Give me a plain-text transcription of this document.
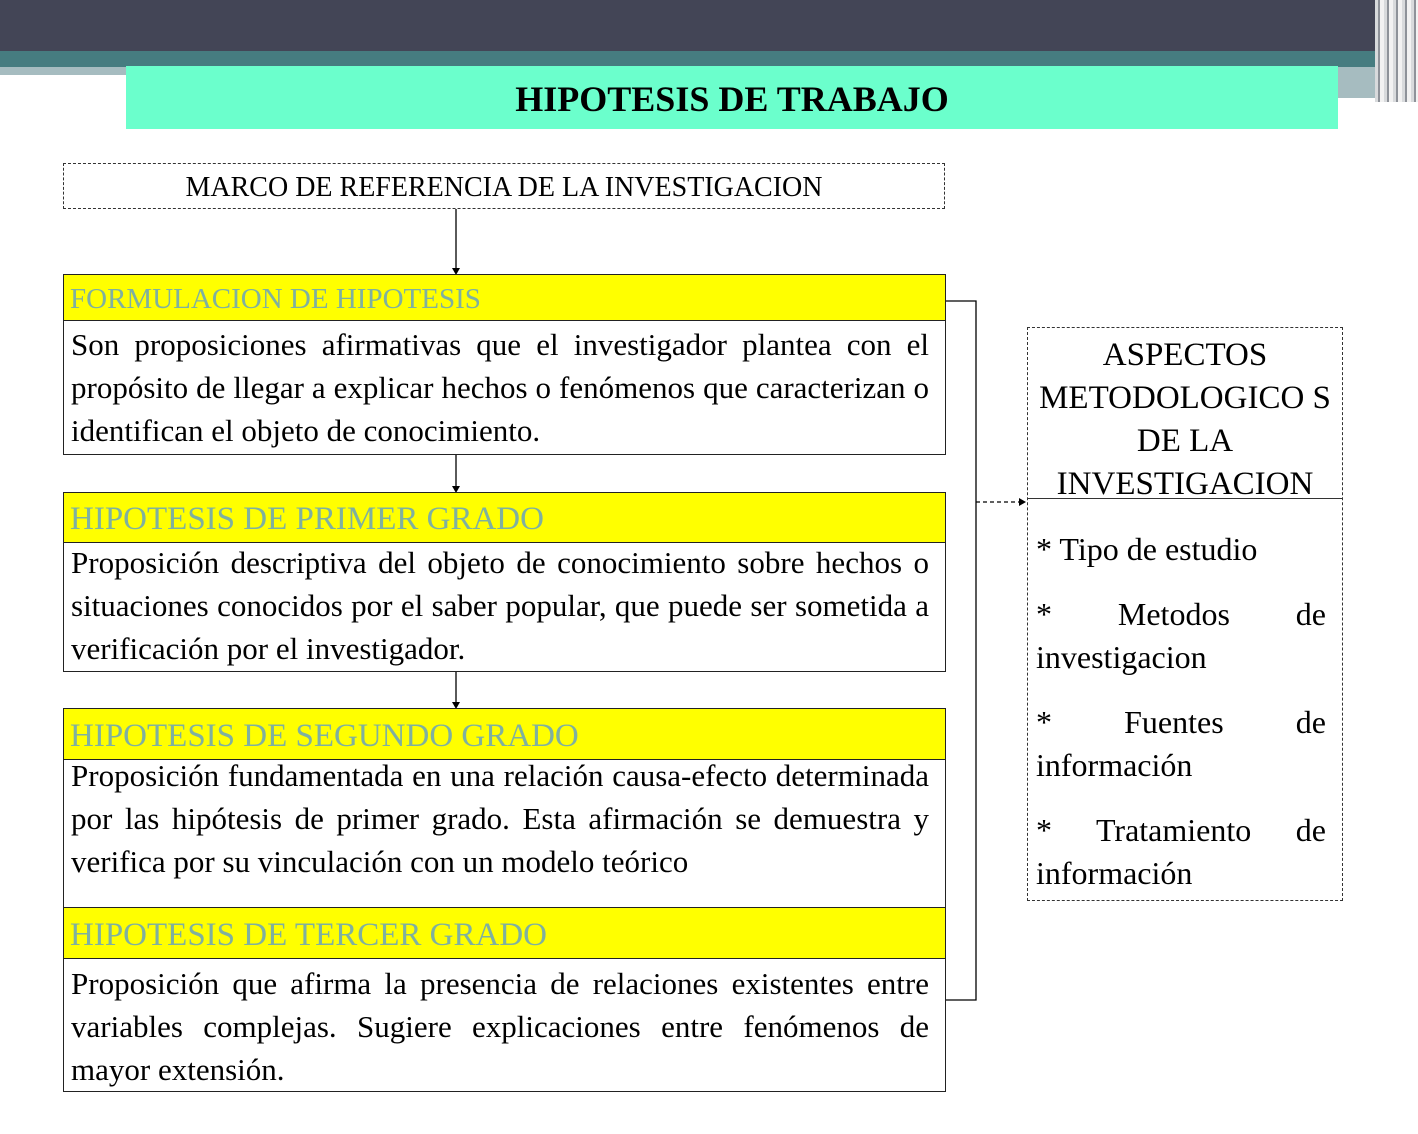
HIPOTESIS DE TRABAJO
MARCO DE REFERENCIA DE LA INVESTIGACION
FORMULACION DE HIPOTESIS
Son proposiciones afirmativas que el investigador plantea con el propósito de llegar a explicar hechos o fenómenos que caracterizan o identifican el objeto de conocimiento.
HIPOTESIS DE PRIMER GRADO
Proposición descriptiva del objeto de conocimiento sobre hechos o situaciones conocidos por el saber popular, que puede ser sometida a verificación por el investigador.
HIPOTESIS DE SEGUNDO GRADO
Proposición fundamentada en una relación causa-efecto determinada por las hipótesis de primer grado. Esta afirmación se demuestra y verifica por su vinculación con un modelo teórico
HIPOTESIS DE TERCER GRADO
Proposición que afirma la presencia de relaciones existentes entre variables complejas. Sugiere explicaciones entre fenómenos de mayor extensión.
ASPECTOS METODOLOGICO S DE LA INVESTIGACION
* Tipo de estudio
* Metodos de investigacion
* Fuentes de información
* Tratamiento de información
